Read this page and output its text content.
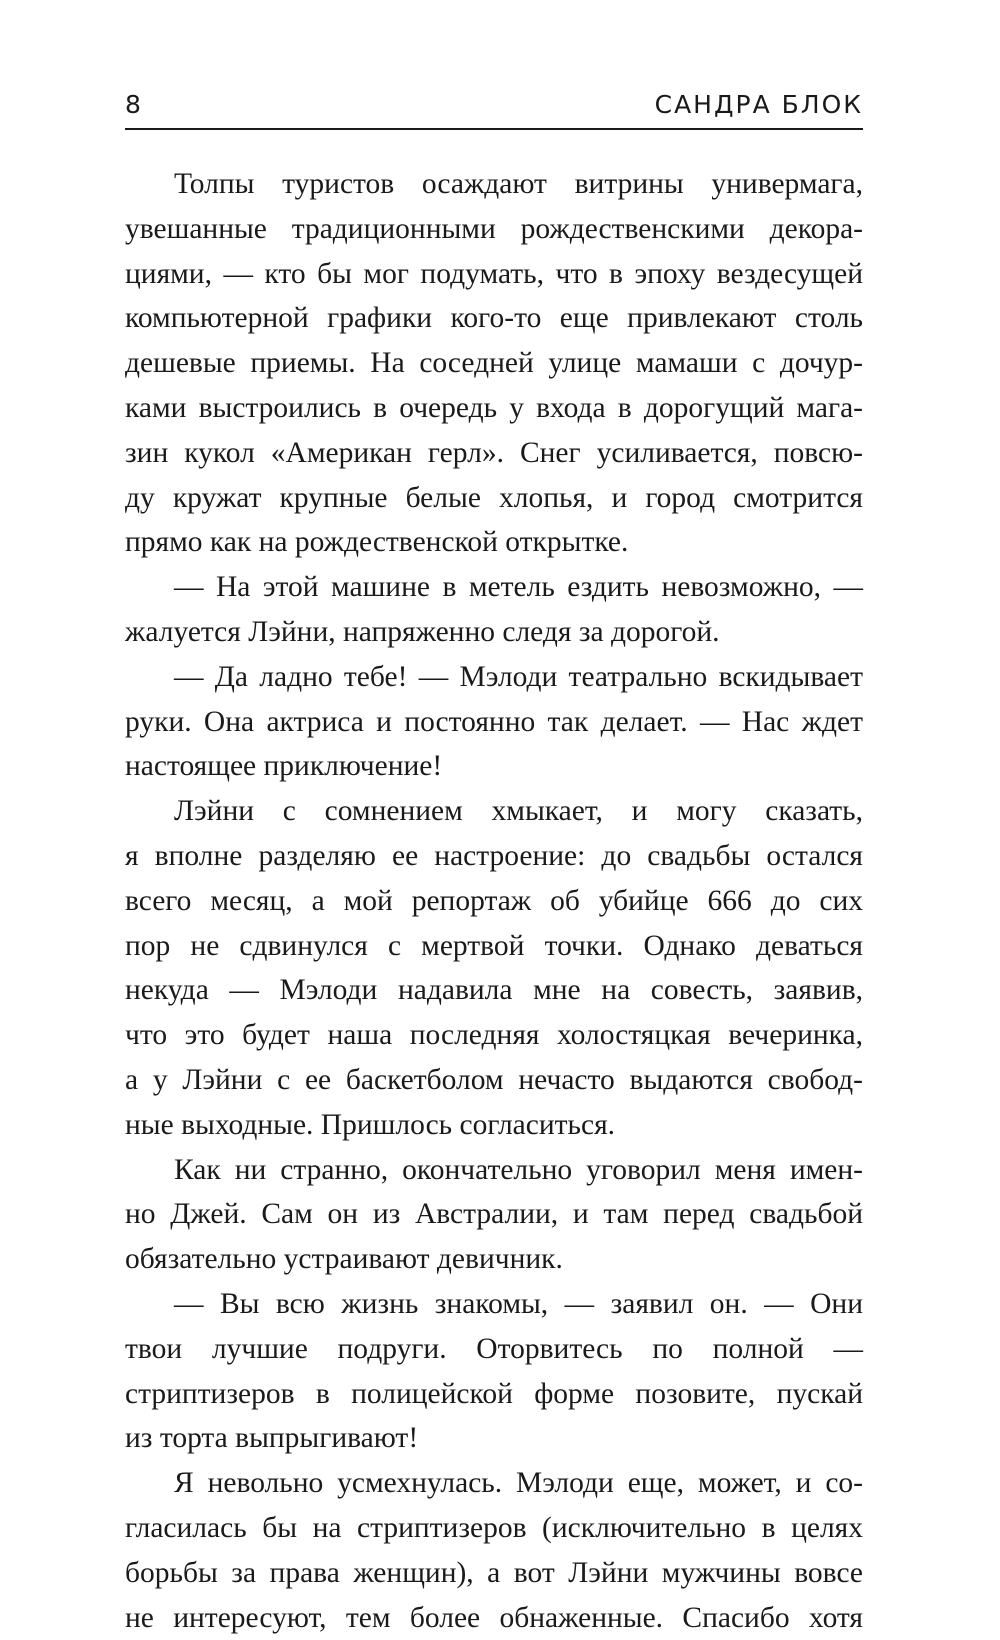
8	САНДРА БЛОК
Толпы туристов осаждают витрины универмага,
увешанные традиционными рождественскими декора-
циями, — кто бы мог подумать, что в эпоху вездесущей
компьютерной графики кого-то еще привлекают столь
дешевые приемы. На соседней улице мамаши с дочур-
ками выстроились в очередь у входа в дорогущий мага-
зин кукол «Американ герл». Снег усиливается, повсю-
ду кружат крупные белые хлопья, и город смотрится
прямо как на рождественской открытке.
— На этой машине в метель ездить невозможно, —
жалуется Лэйни, напряженно следя за дорогой.
— Да ладно тебе! — Мэлоди театрально вскидывает
руки. Она актриса и постоянно так делает. — Нас ждет
настоящее приключение!
Лэйни с сомнением хмыкает, и могу сказать,
я вполне разделяю ее настроение: до свадьбы остался
всего месяц, а мой репортаж об убийце 666 до сих
пор не сдвинулся с мертвой точки. Однако деваться
некуда — Мэлоди надавила мне на совесть, заявив,
что это будет наша последняя холостяцкая вечеринка,
а у Лэйни с ее баскетболом нечасто выдаются свобод-
ные выходные. Пришлось согласиться.
Как ни странно, окончательно уговорил меня имен-
но Джей. Сам он из Австралии, и там перед свадьбой
обязательно устраивают девичник.
— Вы всю жизнь знакомы, — заявил он. — Они
твои лучшие подруги. Оторвитесь по полной —
стриптизеров в полицейской форме позовите, пускай
из торта выпрыгивают!
Я невольно усмехнулась. Мэлоди еще, может, и со-
гласилась бы на стриптизеров (исключительно в целях
борьбы за права женщин), а вот Лэйни мужчины вовсе
не интересуют, тем более обнаженные. Спасибо хотя
